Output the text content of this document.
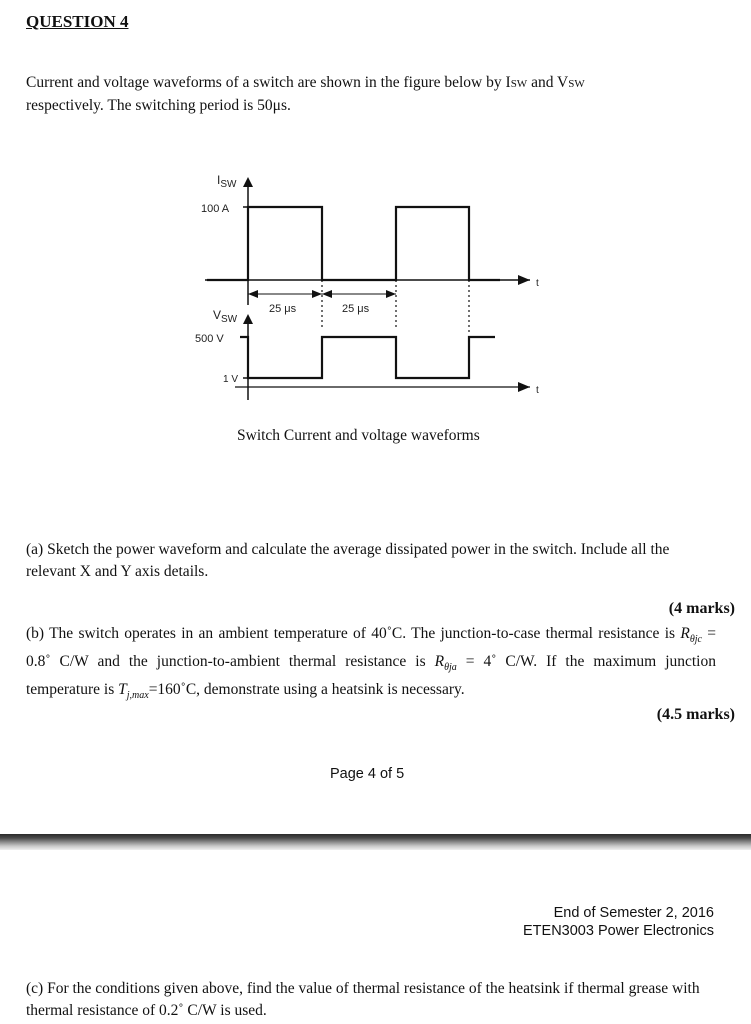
QUESTION 4
Current and voltage waveforms of a switch are shown in the figure below by ISW and VSW
respectively. The switching period is 50μs.
$I_{SW}$
100 A
t
25 μs	25 μs
$V_{SW}$
500 V
1 V
t
Switch Current and voltage waveforms
(a) Sketch the power waveform and calculate the average dissipated power in the switch. Include all the relevant X and Y axis details.
(4 marks)
(b) The switch operates in an ambient temperature of 40˚C. The junction-to-case thermal resistance is $R_{\theta jc}$ = 0.8˚ C/W and the junction-to-ambient thermal resistance is $R_{\theta ja}$ = 4˚ C/W. If the maximum junction temperature is $T_{j,max}=160˚C$, demonstrate using a heatsink is necessary.
(4.5 marks)
Page 4 of 5
End of Semester 2, 2016
ETEN3003 Power Electronics
(c) For the conditions given above, find the value of thermal resistance of the heatsink if thermal grease with thermal resistance of 0.2˚ C/W is used.
